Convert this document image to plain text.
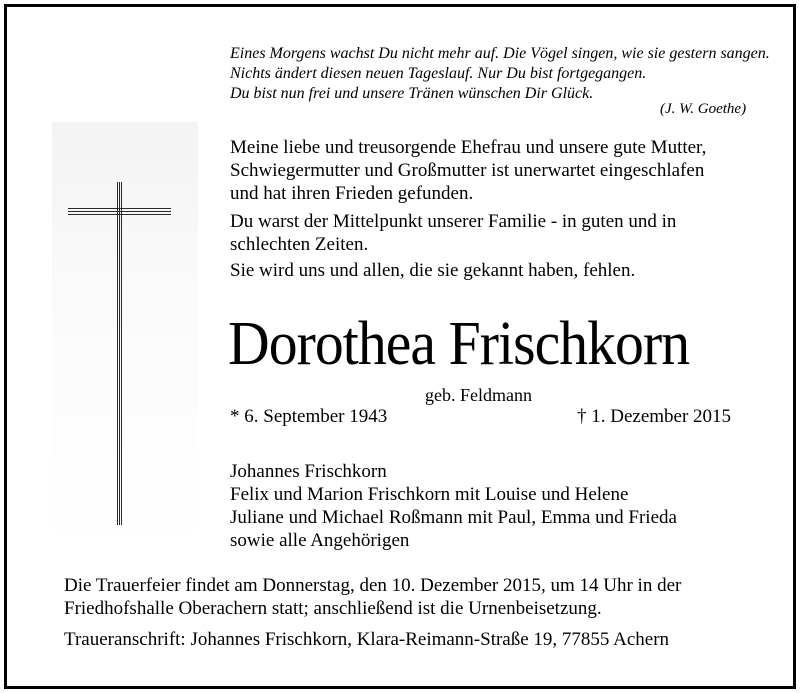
Eines Morgens wachst Du nicht mehr auf. Die Vögel singen, wie sie gestern sangen.
Nichts ändert diesen neuen Tageslauf. Nur Du bist fortgegangen.
Du bist nun frei und unsere Tränen wünschen Dir Glück.
(J. W. Goethe)
Meine liebe und treusorgende Ehefrau und unsere gute Mutter,
Schwiegermutter und Großmutter ist unerwartet eingeschlafen
und hat ihren Frieden gefunden.
Du warst der Mittelpunkt unserer Familie - in guten und in
schlechten Zeiten.
Sie wird uns und allen, die sie gekannt haben, fehlen.
Dorothea Frischkorn
geb. Feldmann
* 6. September 1943	† 1. Dezember 2015
Johannes Frischkorn
Felix und Marion Frischkorn mit Louise und Helene
Juliane und Michael Roßmann mit Paul, Emma und Frieda
sowie alle Angehörigen
Die Trauerfeier findet am Donnerstag, den 10. Dezember 2015, um 14 Uhr in der
Friedhofshalle Oberachern statt; anschließend ist die Urnenbeisetzung.
Traueranschrift: Johannes Frischkorn, Klara-Reimann-Straße 19, 77855 Achern
